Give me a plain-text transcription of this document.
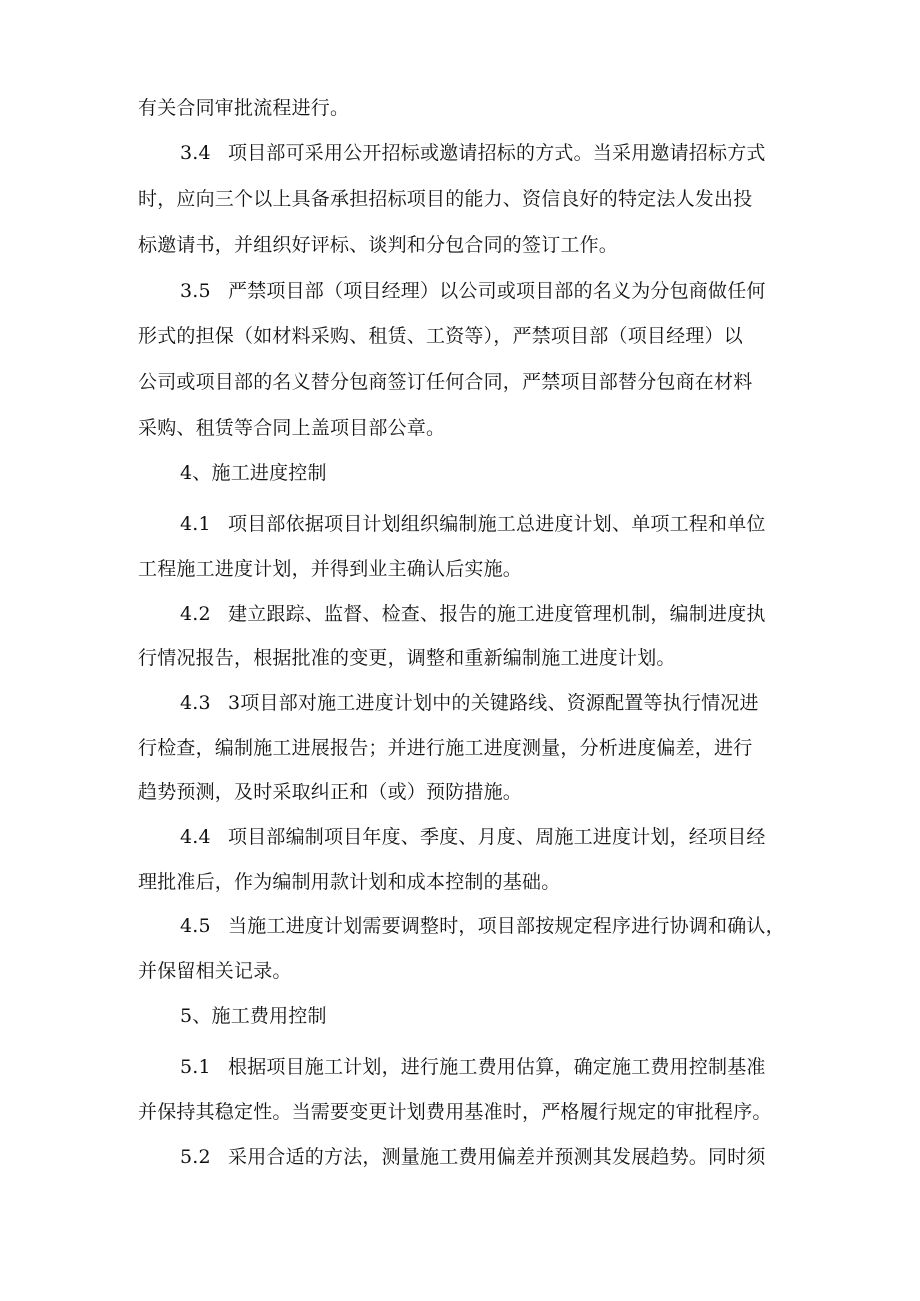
有关合同审批流程进行。
3.4 项目部可采用公开招标或邀请招标的方式。当采用邀请招标方式
时，应向三个以上具备承担招标项目的能力、资信良好的特定法人发出投
标邀请书，并组织好评标、谈判和分包合同的签订工作。
3.5 严禁项目部（项目经理）以公司或项目部的名义为分包商做任何
形式的担保（如材料采购、租赁、工资等），严禁项目部（项目经理）以
公司或项目部的名义替分包商签订任何合同，严禁项目部替分包商在材料
采购、租赁等合同上盖项目部公章。
4、施工进度控制
4.1 项目部依据项目计划组织编制施工总进度计划、单项工程和单位
工程施工进度计划，并得到业主确认后实施。
4.2 建立跟踪、监督、检查、报告的施工进度管理机制，编制进度执
行情况报告，根据批准的变更，调整和重新编制施工进度计划。
4.3 3项目部对施工进度计划中的关键路线、资源配置等执行情况进
行检查，编制施工进展报告；并进行施工进度测量，分析进度偏差，进行
趋势预测，及时采取纠正和（或）预防措施。
4.4 项目部编制项目年度、季度、月度、周施工进度计划，经项目经
理批准后，作为编制用款计划和成本控制的基础。
4.5 当施工进度计划需要调整时，项目部按规定程序进行协调和确认，
并保留相关记录。
5、施工费用控制
5.1 根据项目施工计划，进行施工费用估算，确定施工费用控制基准
并保持其稳定性。当需要变更计划费用基准时，严格履行规定的审批程序。
5.2 采用合适的方法，测量施工费用偏差并预测其发展趋势。同时须
